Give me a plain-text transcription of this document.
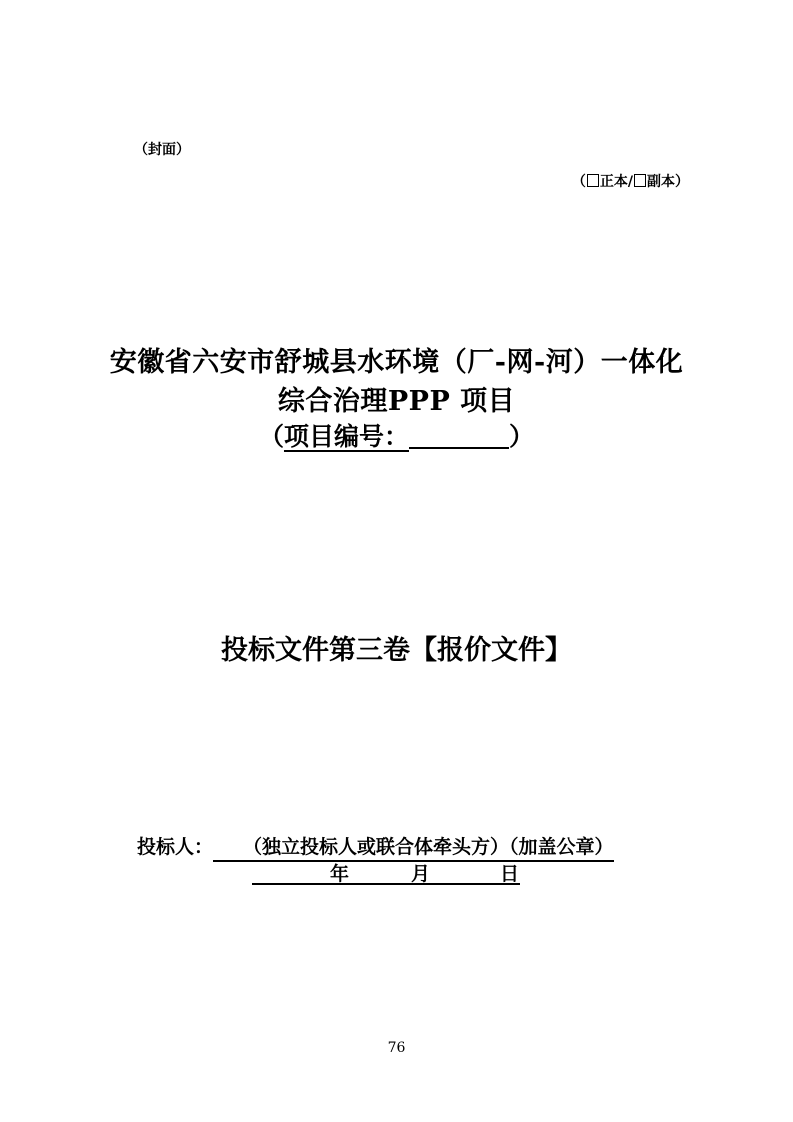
（封面）
（ 正本/ 副本）
安徽省六安市舒城县水环境（厂-网-河）一体化
综合治理PPP 项目
（项目编号：	）
投标文件第三卷【报价文件】
投标人： （独立投标人或联合体牵头方）（加盖公章）
年	月	日
76
